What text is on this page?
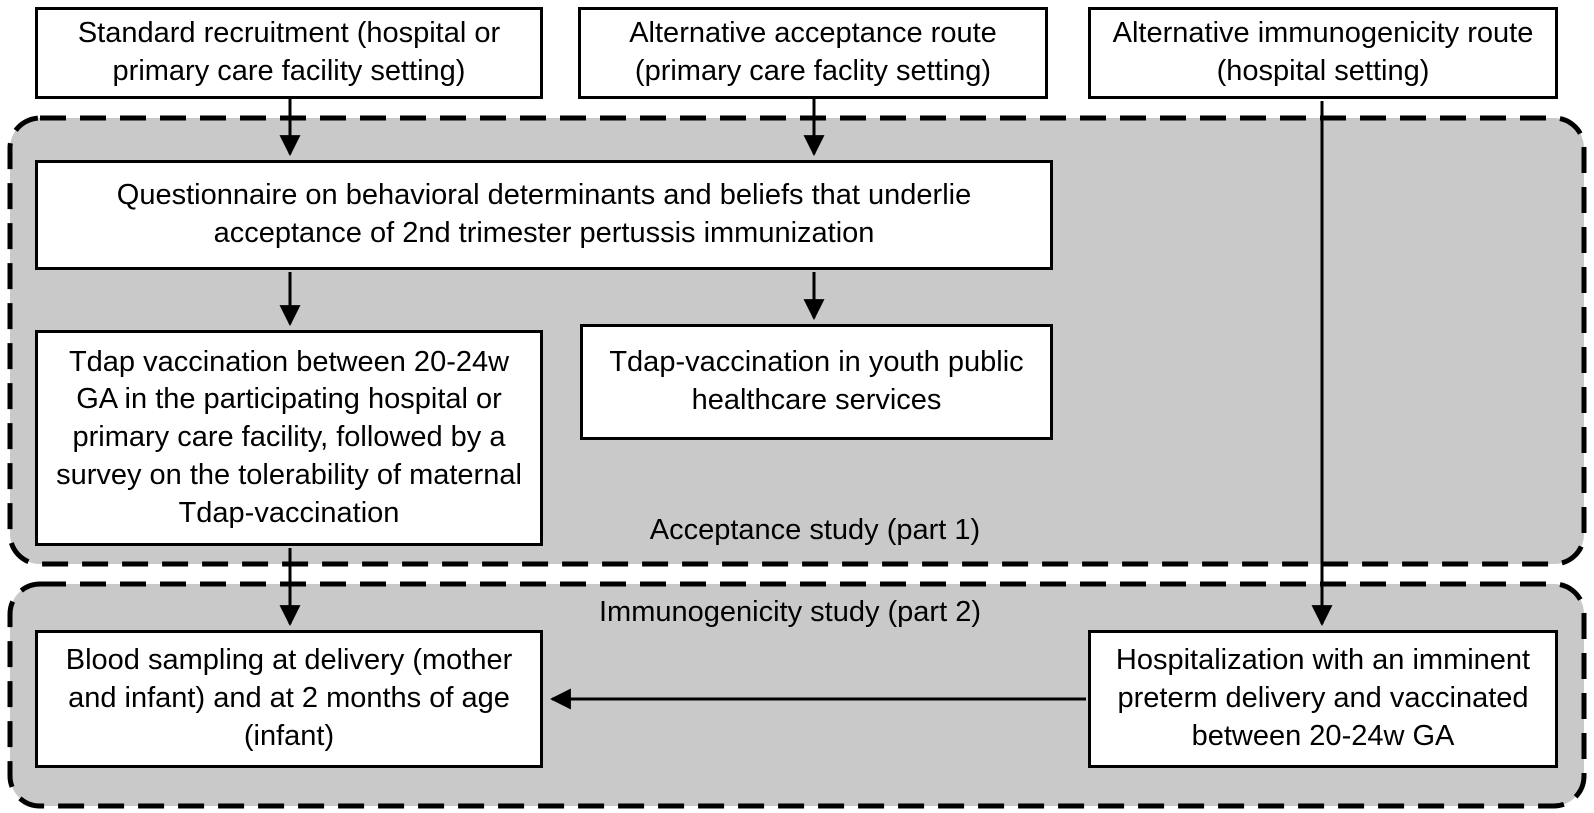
Standard recruitment (hospital or primary care facility setting)
Alternative acceptance route (primary care faclity setting)
Alternative immunogenicity route (hospital setting)
Questionnaire on behavioral determinants and beliefs that underlie acceptance of 2nd trimester pertussis immunization
Tdap vaccination between 20-24w GA in the participating hospital or primary care facility, followed by a survey on the tolerability of maternal Tdap-vaccination
Tdap-vaccination in youth public healthcare services
Acceptance study (part 1)
Immunogenicity study (part 2)
Blood sampling at delivery (mother and infant) and at 2 months of age (infant)
Hospitalization with an imminent preterm delivery and vaccinated between 20-24w GA
